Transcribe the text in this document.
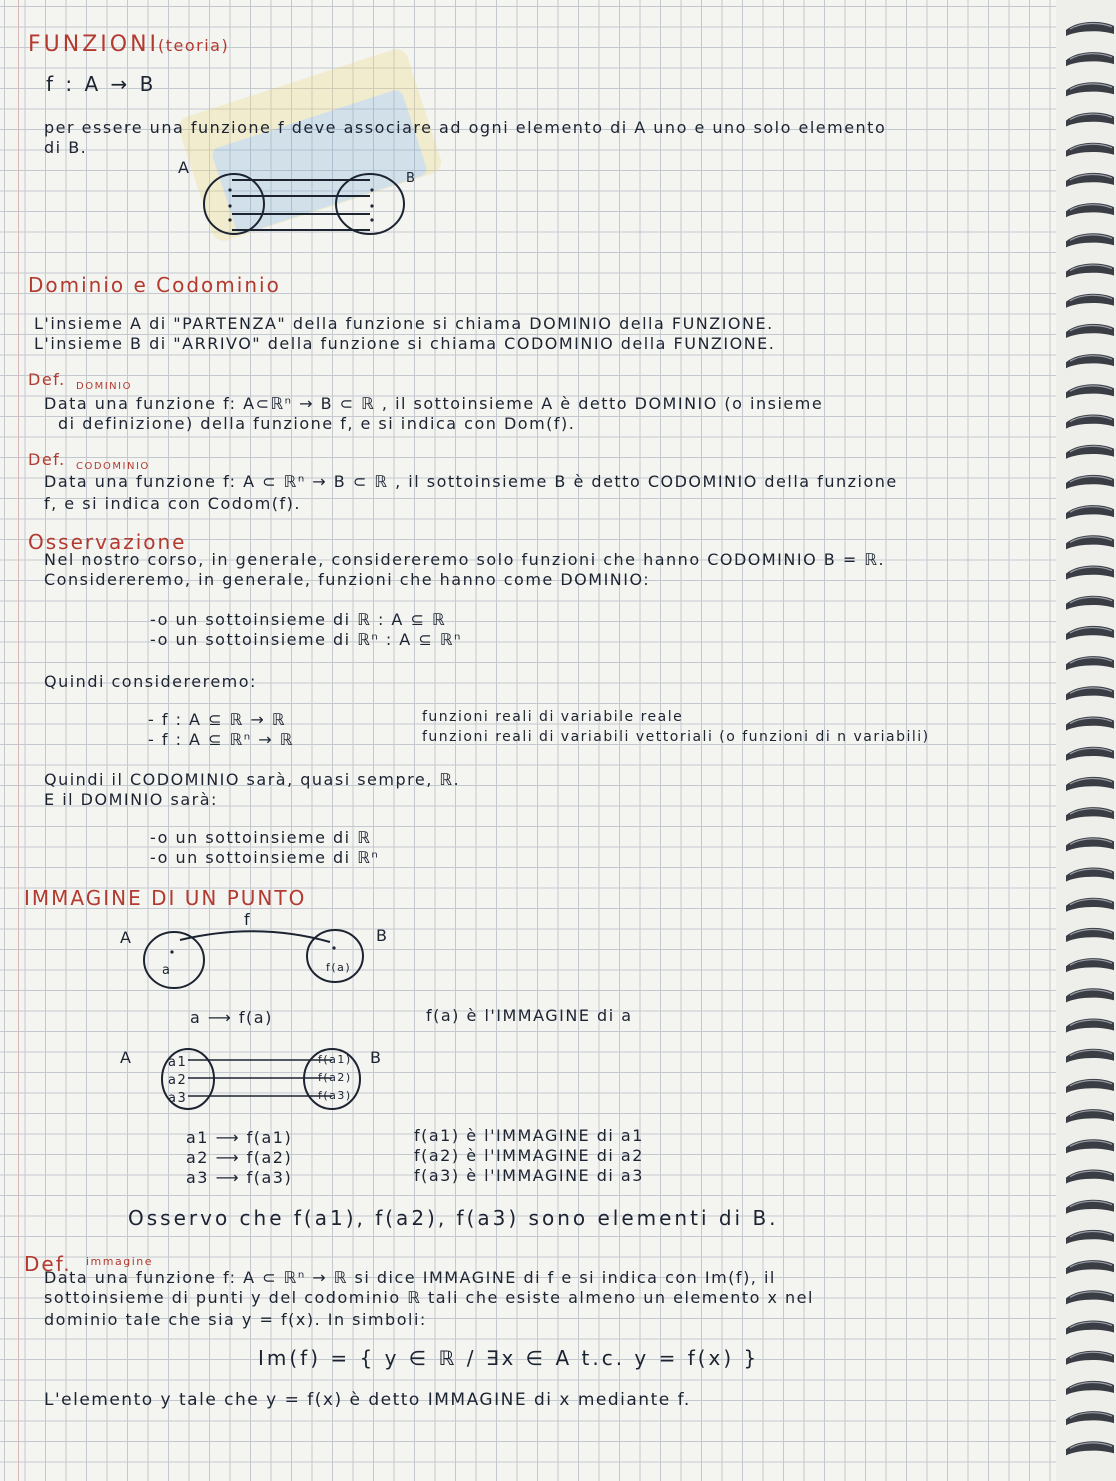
FUNZIONI
(teoria)
f : A → B
per essere una funzione f deve associare ad ogni elemento di A uno e uno solo elemento
di B.
A
B
Dominio e Codominio
L'insieme A di "PARTENZA" della funzione si chiama DOMINIO della FUNZIONE.
L'insieme B di "ARRIVO" della funzione si chiama CODOMINIO della FUNZIONE.
Def. DOMINIO
Data una funzione f: A⊂ℝⁿ → B ⊂ ℝ , il sottoinsieme A è detto DOMINIO (o insieme
di definizione) della funzione f, e si indica con Dom(f).
Def. CODOMINIO
Data una funzione f: A ⊂ ℝⁿ → B ⊂ ℝ , il sottoinsieme B è detto CODOMINIO della funzione
f, e si indica con Codom(f).
Osservazione
Nel nostro corso, in generale, considereremo solo funzioni che hanno CODOMINIO B = ℝ.
Considereremo, in generale, funzioni che hanno come DOMINIO:
-o un sottoinsieme di ℝ : A ⊆ ℝ
-o un sottoinsieme di ℝⁿ : A ⊆ ℝⁿ
Quindi considereremo:
- f : A ⊆ ℝ → ℝ	funzioni reali di variabile reale
- f : A ⊆ ℝⁿ → ℝ	funzioni reali di variabili vettoriali (o funzioni di n variabili)
Quindi il CODOMINIO sarà, quasi sempre, ℝ.
E il DOMINIO sarà:
-o un sottoinsieme di ℝ
-o un sottoinsieme di ℝⁿ
IMMAGINE DI UN PUNTO
f
A	B
a	f(a)
a ⟶ f(a)	f(a) è l'IMMAGINE di a
A	B
a1
a2
a3
f(a1)
f(a2)
f(a3)
a1 ⟶ f(a1)
a2 ⟶ f(a2)
a3 ⟶ f(a3)
f(a1) è l'IMMAGINE di a1
f(a2) è l'IMMAGINE di a2
f(a3) è l'IMMAGINE di a3
Osservo che f(a1), f(a2), f(a3) sono elementi di B.
Def. immagine
Data una funzione f: A ⊂ ℝⁿ → ℝ si dice IMMAGINE di f e si indica con Im(f), il
sottoinsieme di punti y del codominio ℝ tali che esiste almeno un elemento x nel
dominio tale che sia y = f(x). In simboli:
Im(f) = { y ∈ ℝ / ∃x ∈ A t.c. y = f(x) }
L'elemento y tale che y = f(x) è detto IMMAGINE di x mediante f.
